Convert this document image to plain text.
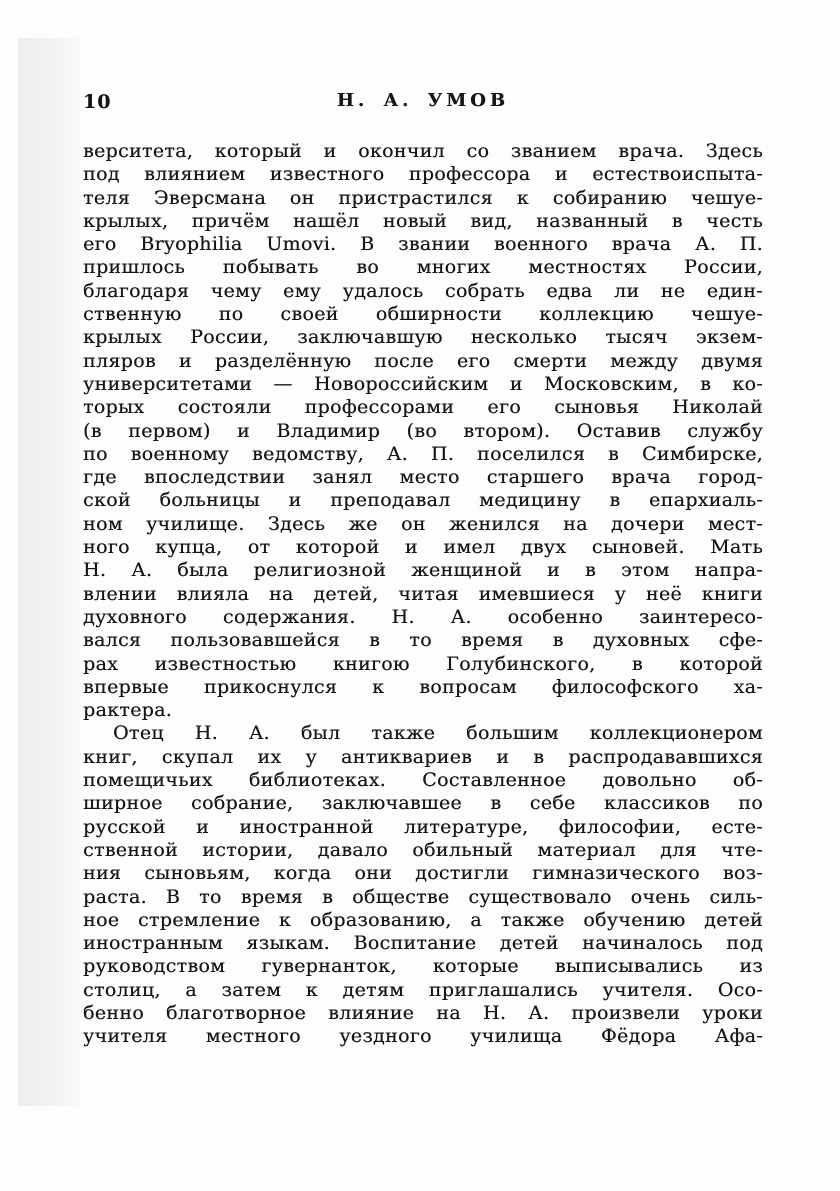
10	Н. А. УМОВ
верситета, который и окончил со званием врача. Здесь
под влиянием известного профессора и естествоиспыта-
теля Эверсмана он пристрастился к собиранию чешуе-
крылых, причём нашёл новый вид, названный в честь
его Bryophilia Umovi. В звании военного врача А. П.
пришлось побывать во многих местностях России,
благодаря чему ему удалось собрать едва ли не един-
ственную по своей обширности коллекцию чешуе-
крылых России, заключавшую несколько тысяч экзем-
пляров и разделённую после его смерти между двумя
университетами — Новороссийским и Московским, в ко-
торых состояли профессорами его сыновья Николай
(в первом) и Владимир (во втором). Оставив службу
по военному ведомству, А. П. поселился в Симбирске,
где впоследствии занял место старшего врача город-
ской больницы и преподавал медицину в епархиаль-
ном училище. Здесь же он женился на дочери мест-
ного купца, от которой и имел двух сыновей. Мать
Н. А. была религиозной женщиной и в этом напра-
влении влияла на детей, читая имевшиеся у неё книги
духовного содержания. Н. А. особенно заинтересо-
вался пользовавшейся в то время в духовных сфе-
рах известностью книгою Голубинского, в которой
впервые прикоснулся к вопросам философского ха-
рактера.
Отец Н. А. был также большим коллекционером
книг, скупал их у антиквариев и в распродававшихся
помещичьих библиотеках. Составленное довольно об-
ширное собрание, заключавшее в себе классиков по
русской и иностранной литературе, философии, есте-
ственной истории, давало обильный материал для чте-
ния сыновьям, когда они достигли гимназического воз-
раста. В то время в обществе существовало очень силь-
ное стремление к образованию, а также обучению детей
иностранным языкам. Воспитание детей начиналось под
руководством гувернанток, которые выписывались из
столиц, а затем к детям приглашались учителя. Осо-
бенно благотворное влияние на Н. А. произвели уроки
учителя местного уездного училища Фёдора Афа-
